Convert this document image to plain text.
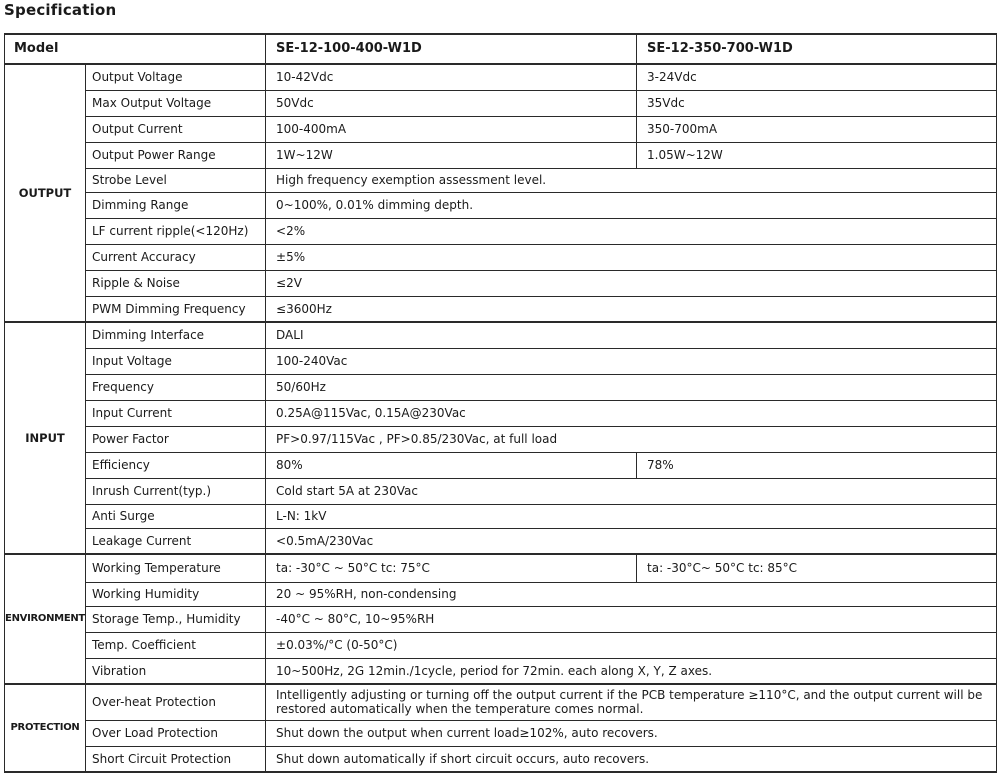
Specification
Model		SE-12-100-400-W1D	SE-12-350-700-W1D
OUTPUT	Output Voltage	10-42Vdc	3-24Vdc
	Max Output Voltage	50Vdc	35Vdc
	Output Current	100-400mA	350-700mA
	Output Power Range	1W~12W	1.05W~12W
	Strobe Level	High frequency exemption assessment level.	
	Dimming Range	0~100%, 0.01% dimming depth.	
	LF current ripple(<120Hz)	<2%	
	Current Accuracy	±5%	
	Ripple & Noise	≤2V	
	PWM Dimming Frequency	≤3600Hz	
INPUT	Dimming Interface	DALI	
	Input Voltage	100-240Vac	
	Frequency	50/60Hz	
	Input Current	0.25A@115Vac, 0.15A@230Vac	
	Power Factor	PF>0.97/115Vac , PF>0.85/230Vac, at full load	
	Efficiency	80%	78%
	Inrush Current(typ.)	Cold start 5A at 230Vac	
	Anti Surge	L-N: 1kV	
	Leakage Current	<0.5mA/230Vac	
ENVIRONMENT	Working Temperature	ta: -30°C ~ 50°C tc: 75°C	ta: -30°C~ 50°C tc: 85°C
	Working Humidity	20 ~ 95%RH, non-condensing	
	Storage Temp., Humidity	-40°C ~ 80°C, 10~95%RH	
	Temp. Coefficient	±0.03%/°C (0-50°C)	
	Vibration	10~500Hz, 2G 12min./1cycle, period for 72min. each along X, Y, Z axes.	
PROTECTION	Over-heat Protection	Intelligently adjusting or turning off the output current if the PCB temperature ≥110°C, and the output current will be restored automatically when the temperature comes normal.	
	Over Load Protection	Shut down the output when current load≥102%, auto recovers.	
	Short Circuit Protection	Shut down automatically if short circuit occurs, auto recovers.	
